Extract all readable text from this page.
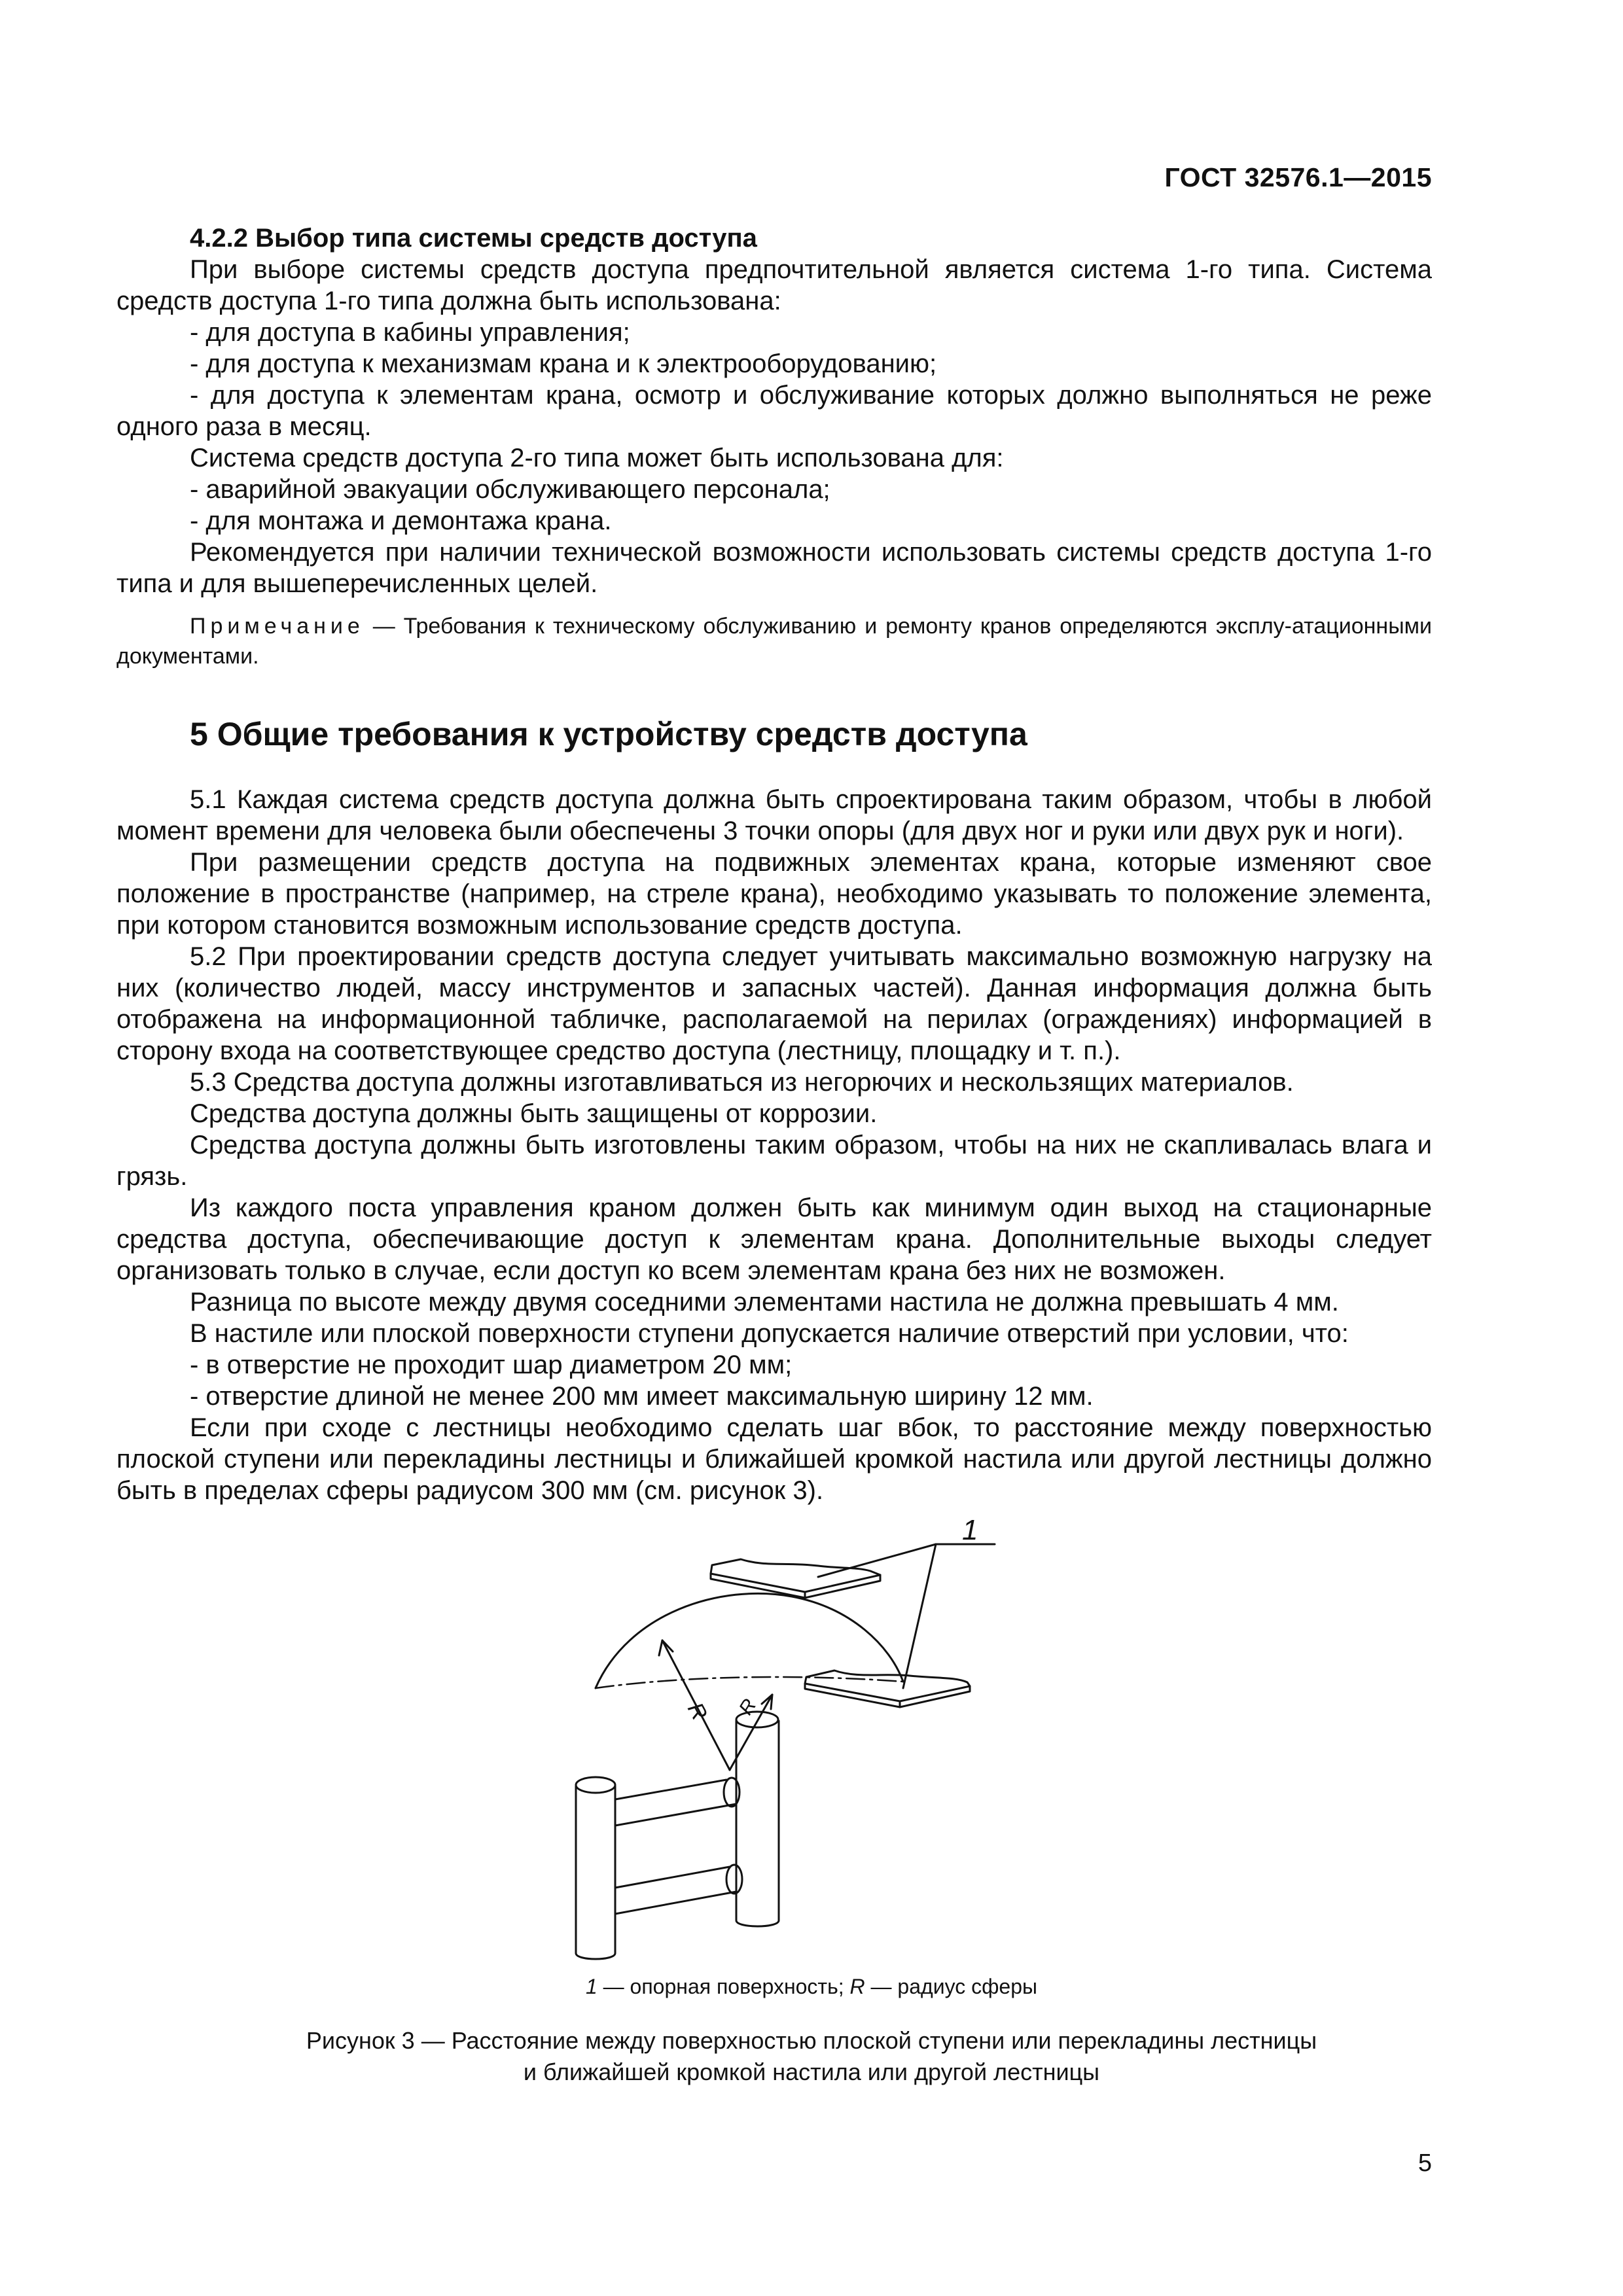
ГОСТ 32576.1—2015

4.2.2 Выбор типа системы средств доступа

При выборе системы средств доступа предпочтительной является система 1-го типа. Система средств доступа 1-го типа должна быть использована:

- для доступа в кабины управления;

- для доступа к механизмам крана и к электрооборудованию;

- для доступа к элементам крана, осмотр и обслуживание которых должно выполняться не реже одного раза в месяц.

Система средств доступа 2-го типа может быть использована для:

- аварийной эвакуации обслуживающего персонала;

- для монтажа и демонтажа крана.

Рекомендуется при наличии технической возможности использовать системы средств доступа 1-го типа и для вышеперечисленных целей.

Примечание — Требования к техническому обслуживанию и ремонту кранов определяются эксплу-атационными документами.

5 Общие требования к устройству средств доступа

5.1 Каждая система средств доступа должна быть спроектирована таким образом, чтобы в любой момент времени для человека были обеспечены 3 точки опоры (для двух ног и руки или двух рук и ноги).

При размещении средств доступа на подвижных элементах крана, которые изменяют свое положение в пространстве (например, на стреле крана), необходимо указывать то положение элемента, при котором становится возможным использование средств доступа.

5.2 При проектировании средств доступа следует учитывать максимально возможную нагрузку на них (количество людей, массу инструментов и запасных частей). Данная информация должна быть отображена на информационной табличке, располагаемой на перилах (ограждениях) информацией в сторону входа на соответствующее средство доступа (лестницу, площадку и т. п.).

5.3 Средства доступа должны изготавливаться из негорючих и нескользящих материалов.

Средства доступа должны быть защищены от коррозии.

Средства доступа должны быть изготовлены таким образом, чтобы на них не скапливалась влага и грязь.

Из каждого поста управления краном должен быть как минимум один выход на стационарные средства доступа, обеспечивающие доступ к элементам крана. Дополнительные выходы следует организовать только в случае, если доступ ко всем элементам крана без них не возможен.

Разница по высоте между двумя соседними элементами настила не должна превышать 4 мм.

В настиле или плоской поверхности ступени допускается наличие отверстий при условии, что:

- в отверстие не проходит шар диаметром 20 мм;

- отверстие длиной не менее 200 мм имеет максимальную ширину 12 мм.

Если при сходе с лестницы необходимо сделать шаг вбок, то расстояние между поверхностью плоской ступени или перекладины лестницы и ближайшей кромкой настила или другой лестницы должно быть в пределах сферы радиусом 300 мм (см. рисунок 3).

1
R R
1 — опорная поверхность; R — радиус сферы
Рисунок 3 — Расстояние между поверхностью плоской ступени или перекладины лестницы
и ближайшей кромкой настила или другой лестницы
5
